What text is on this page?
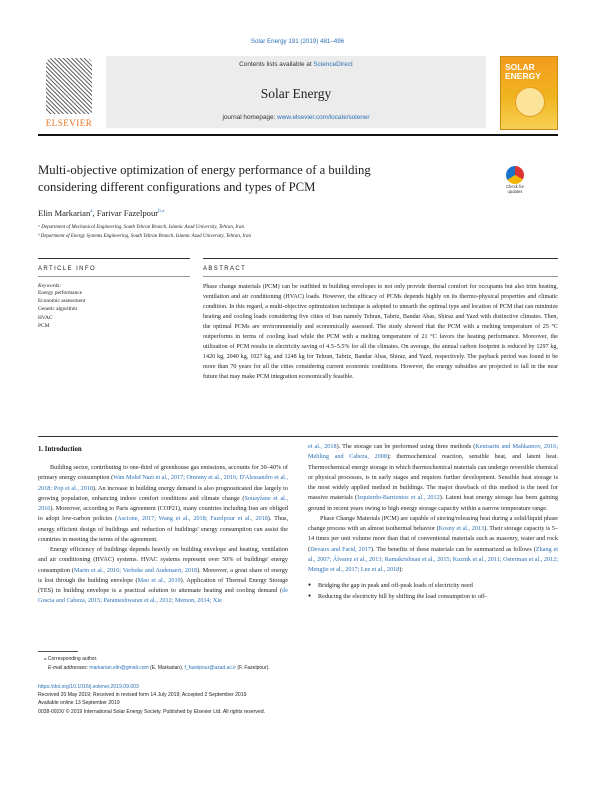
Solar Energy 191 (2019) 481–496
ELSEVIER
Contents lists available at ScienceDirect
Solar Energy
journal homepage: www.elsevier.com/locate/solener
SOLAR
ENERGY
Multi-objective optimization of energy performance of a building
considering different configurations and types of PCM	Check for
updates
Elin Markarian$^a$, Farivar Fazelpour$^{b,⁎}$
ᵃ Department of Mechanical Engineering, South Tehran Branch, Islamic Azad University, Tehran, Iran
ᵇ Department of Energy Systems Engineering, South Tehran Branch, Islamic Azad University, Tehran, Iran
ARTICLE INFO	ABSTRACT
Keywords:
Energy performance
Economic assessment
Genetic algorithm
HVAC
PCM
Phase change materials (PCM) can be outfitted in building envelopes to not only provide thermal comfort for occupants but also trim heating, ventilation and air conditioning (HVAC) loads. However, the efficacy of PCMs depends highly on its thermo-physical properties and climatic condition. In this regard, a multi-objective optimization technique is adopted to unearth the optimal type and location of PCM that can minimize heating and cooling loads considering five cities of Iran namely Tehran, Tabriz, Bandar Abas, Shiraz and Yazd with distinctive climates. Then, the optimal PCMs are environmentally and economically assessed. The study showed that the PCM with a melting temperature of 25 °C outperforms in terms of cooling load while the PCM with a melting temperature of 21 °C favors the heating performance. Moreover, the utilization of PCM results in electricity saving of 4.5–5.5% for all the climates. On average, the annual carbon footprint is reduced by 1297 kg, 1420 kg, 2040 kg, 1027 kg, and 1248 kg for Tehran, Tabriz, Bandar Abas, Shiraz, and Yazd, respectively. The payback period was found to be more than 70 years for all the cities considering current economic conditions. However, the energy subsidies are projected to fall in the near future that may make PCM integration economically feasible.
1. Introduction

Building sector, contributing to one-third of greenhouse gas emissions, accounts for 30–40% of primary energy consumption (Wan Mohd Nazi et al., 2017; Omrany et al., 2016; D'Alessandro et al., 2018; Pop et al., 2018). An increase in building energy demand is also prognosticated due largely to growing population, enhancing indoor comfort conditions and climate change (Souayfane et al., 2016). Moreover, according to Paris agreement (COP21), many countries including Iran are obliged to adopt low-carbon policies (Ascione, 2017; Wang et al., 2018; Fazelpour et al., 2018). Thus, energy efficient design of buildings and reduction of buildings' energy consumption can assist the countries in meeting the terms of the agreement.

Energy efficiency of buildings depends heavily on building envelope and heating, ventilation and air conditioning (HVAC) systems. HVAC systems represent over 50% of buildings' energy consumption (Marin et al., 2016; Verbeke and Audenaert, 2018). Moreover, a great share of energy is lost through the building envelope (Mao et al., 2019). Application of Thermal Energy Storage (TES) in building envelope is a practical solution to attenuate heating and cooling demand (de Gracia and Cabeza, 2015; Parameshwaran et al., 2012; Memon, 2014; Xie

et al., 2018). The storage can be performed using three methods (Kenisarin and Mahkamov, 2016; Mehling and Cabeza, 2008); thermochemical reaction, sensible heat, and latent heat. Thermochemical energy storage in which thermochemical materials can undergo reversible chemical or physical processes, is in early stages and requires further development. Sensible heat storage is the most widely applied method in buildings. The major drawback of this method is the need for massive materials (Izquierdo-Barrientos et al., 2012). Latent heat energy storage has been gaining ground in recent years owing to high energy storage capacity within a narrow temperature range.

Phase Change Materials (PCM) are capable of storing/releasing heat during a solid/liquid phase change process with an almost isothermal behavior (Kosny et al., 2013). Their storage capacity is 5–14 times per unit volume more than that of conventional materials such as masonry, water and rock (Devaux and Farid, 2017). The benefits of these materials can be summarized as follows (Zhang et al., 2007; Álvarez et al., 2013; Ramakrishnan et al., 2015; Kuznik et al., 2011; Osterman et al., 2012; Mengjie et al., 2017; Lee et al., 2018):

● Bridging the gap in peak and off-peak loads of electricity need
● Reducing the electricity bill by shifting the load consumption to off-
⁎ Corresponding author.
E-mail addresses: markarian.elin@gmail.com (E. Markarian), f_fazelpour@azad.ac.ir (F. Fazelpour).
https://doi.org/10.1016/j.solener.2019.09.003
Received 20 May 2019; Received in revised form 14 July 2019; Accepted 2 September 2019
Available online 13 September 2019
0038-092X/ © 2019 International Solar Energy Society. Published by Elsevier Ltd. All rights reserved.
